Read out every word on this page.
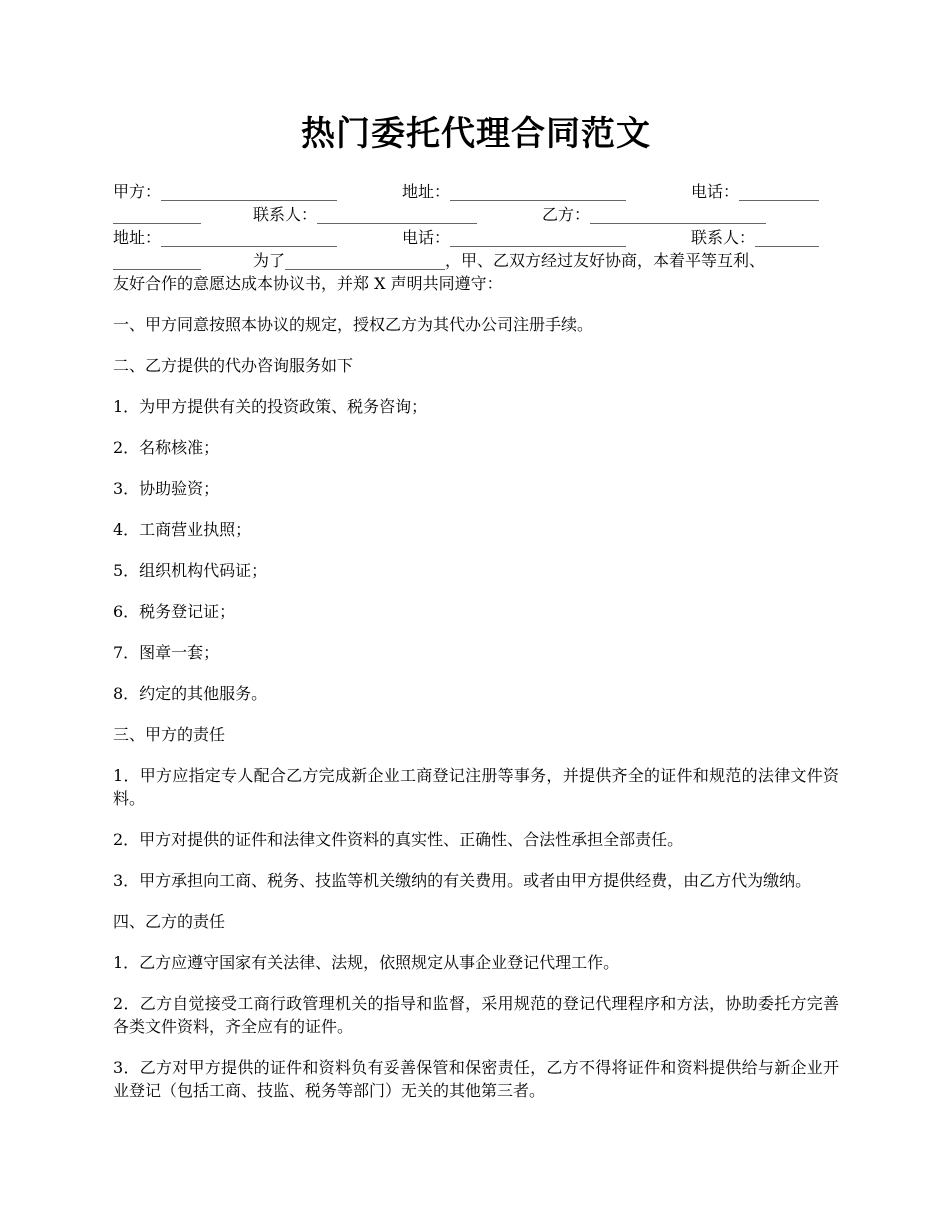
热门委托代理合同范文
甲方：______________________	地址：______________________	电话：__________
___________	联系人：____________________	乙方：______________________
地址：______________________	电话：______________________	联系人：________
___________	为了____________________，甲、乙双方经过友好协商，本着平等互利、
友好合作的意愿达成本协议书，并郑 X 声明共同遵守：

一、甲方同意按照本协议的规定，授权乙方为其代办公司注册手续。

二、乙方提供的代办咨询服务如下

1．为甲方提供有关的投资政策、税务咨询；

2．名称核准；

3．协助验资；

4．工商营业执照；

5．组织机构代码证；

6．税务登记证；

7．图章一套；

8．约定的其他服务。

三、甲方的责任

1．甲方应指定专人配合乙方完成新企业工商登记注册等事务，并提供齐全的证件和规范的法律文件资料。

2．甲方对提供的证件和法律文件资料的真实性、正确性、合法性承担全部责任。

3．甲方承担向工商、税务、技监等机关缴纳的有关费用。或者由甲方提供经费，由乙方代为缴纳。

四、乙方的责任

1．乙方应遵守国家有关法律、法规，依照规定从事企业登记代理工作。

2．乙方自觉接受工商行政管理机关的指导和监督，采用规范的登记代理程序和方法，协助委托方完善各类文件资料，齐全应有的证件。

3．乙方对甲方提供的证件和资料负有妥善保管和保密责任，乙方不得将证件和资料提供给与新企业开业登记（包括工商、技监、税务等部门）无关的其他第三者。
